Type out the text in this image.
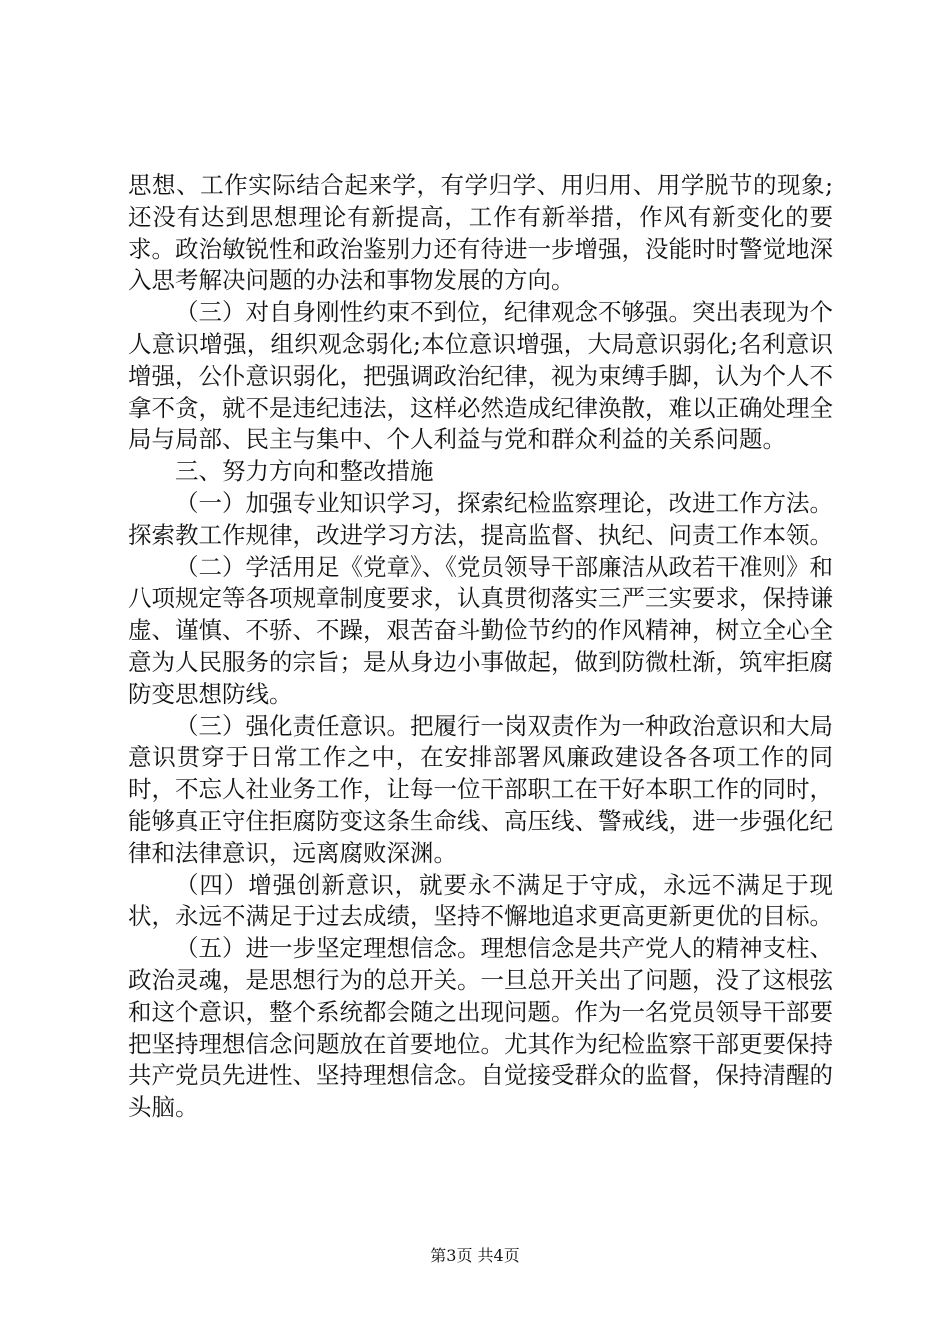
思想、工作实际结合起来学，有学归学、用归用、用学脱节的现象;还没有达到思想理论有新提高，工作有新举措，作风有新变化的要求。政治敏锐性和政治鉴别力还有待进一步增强，没能时时警觉地深入思考解决问题的办法和事物发展的方向。

（三）对自身刚性约束不到位，纪律观念不够强。突出表现为个人意识增强，组织观念弱化;本位意识增强，大局意识弱化;名利意识增强，公仆意识弱化，把强调政治纪律，视为束缚手脚，认为个人不拿不贪，就不是违纪违法，这样必然造成纪律涣散，难以正确处理全局与局部、民主与集中、个人利益与党和群众利益的关系问题。

三、努力方向和整改措施

（一）加强专业知识学习，探索纪检监察理论，改进工作方法。探索教工作规律，改进学习方法，提高监督、执纪、问责工作本领。

（二）学活用足《党章》、《党员领导干部廉洁从政若干准则》和八项规定等各项规章制度要求，认真贯彻落实三严三实要求，保持谦虚、谨慎、不骄、不躁，艰苦奋斗勤俭节约的作风精神，树立全心全意为人民服务的宗旨；是从身边小事做起，做到防微杜渐，筑牢拒腐防变思想防线。

（三）强化责任意识。把履行一岗双责作为一种政治意识和大局意识贯穿于日常工作之中，在安排部署风廉政建设各各项工作的同时，不忘人社业务工作，让每一位干部职工在干好本职工作的同时，能够真正守住拒腐防变这条生命线、高压线、警戒线，进一步强化纪律和法律意识，远离腐败深渊。

（四）增强创新意识，就要永不满足于守成，永远不满足于现状，永远不满足于过去成绩，坚持不懈地追求更高更新更优的目标。

（五）进一步坚定理想信念。理想信念是共产党人的精神支柱、政治灵魂，是思想行为的总开关。一旦总开关出了问题，没了这根弦和这个意识，整个系统都会随之出现问题。作为一名党员领导干部要把坚持理想信念问题放在首要地位。尤其作为纪检监察干部更要保持共产党员先进性、坚持理想信念。自觉接受群众的监督，保持清醒的头脑。

第3页 共4页
